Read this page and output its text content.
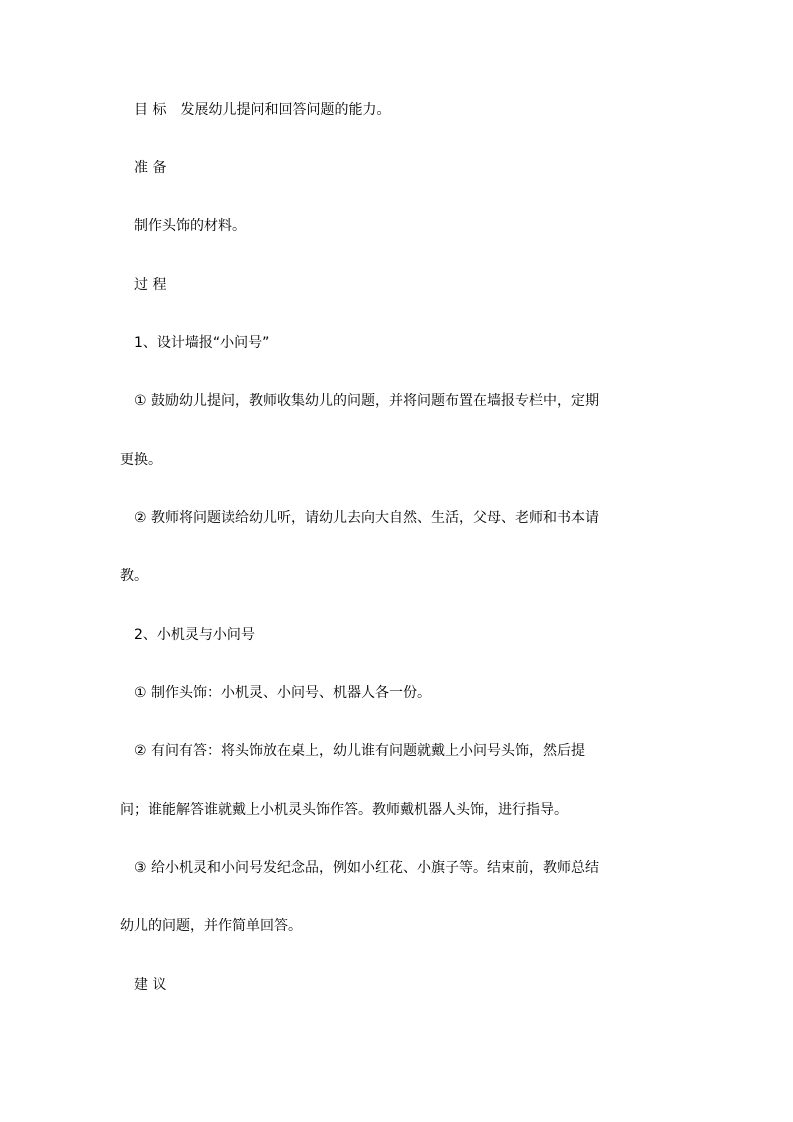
　目 标　发展幼儿提问和回答问题的能力。
　准 备
　制作头饰的材料。
　过 程
　1、设计墙报“小问号”
　① 鼓励幼儿提问，教师收集幼儿的问题，并将问题布置在墙报专栏中，定期
更换。
　② 教师将问题读给幼儿听，请幼儿去向大自然、生活，父母、老师和书本请
教。
　2、小机灵与小问号
　① 制作头饰：小机灵、小问号、机器人各一份。
　② 有问有答：将头饰放在桌上，幼儿谁有问题就戴上小问号头饰，然后提
问；谁能解答谁就戴上小机灵头饰作答。教师戴机器人头饰，进行指导。
　③ 给小机灵和小问号发纪念品，例如小红花、小旗子等。结束前，教师总结
幼儿的问题，并作简单回答。
　建 议
